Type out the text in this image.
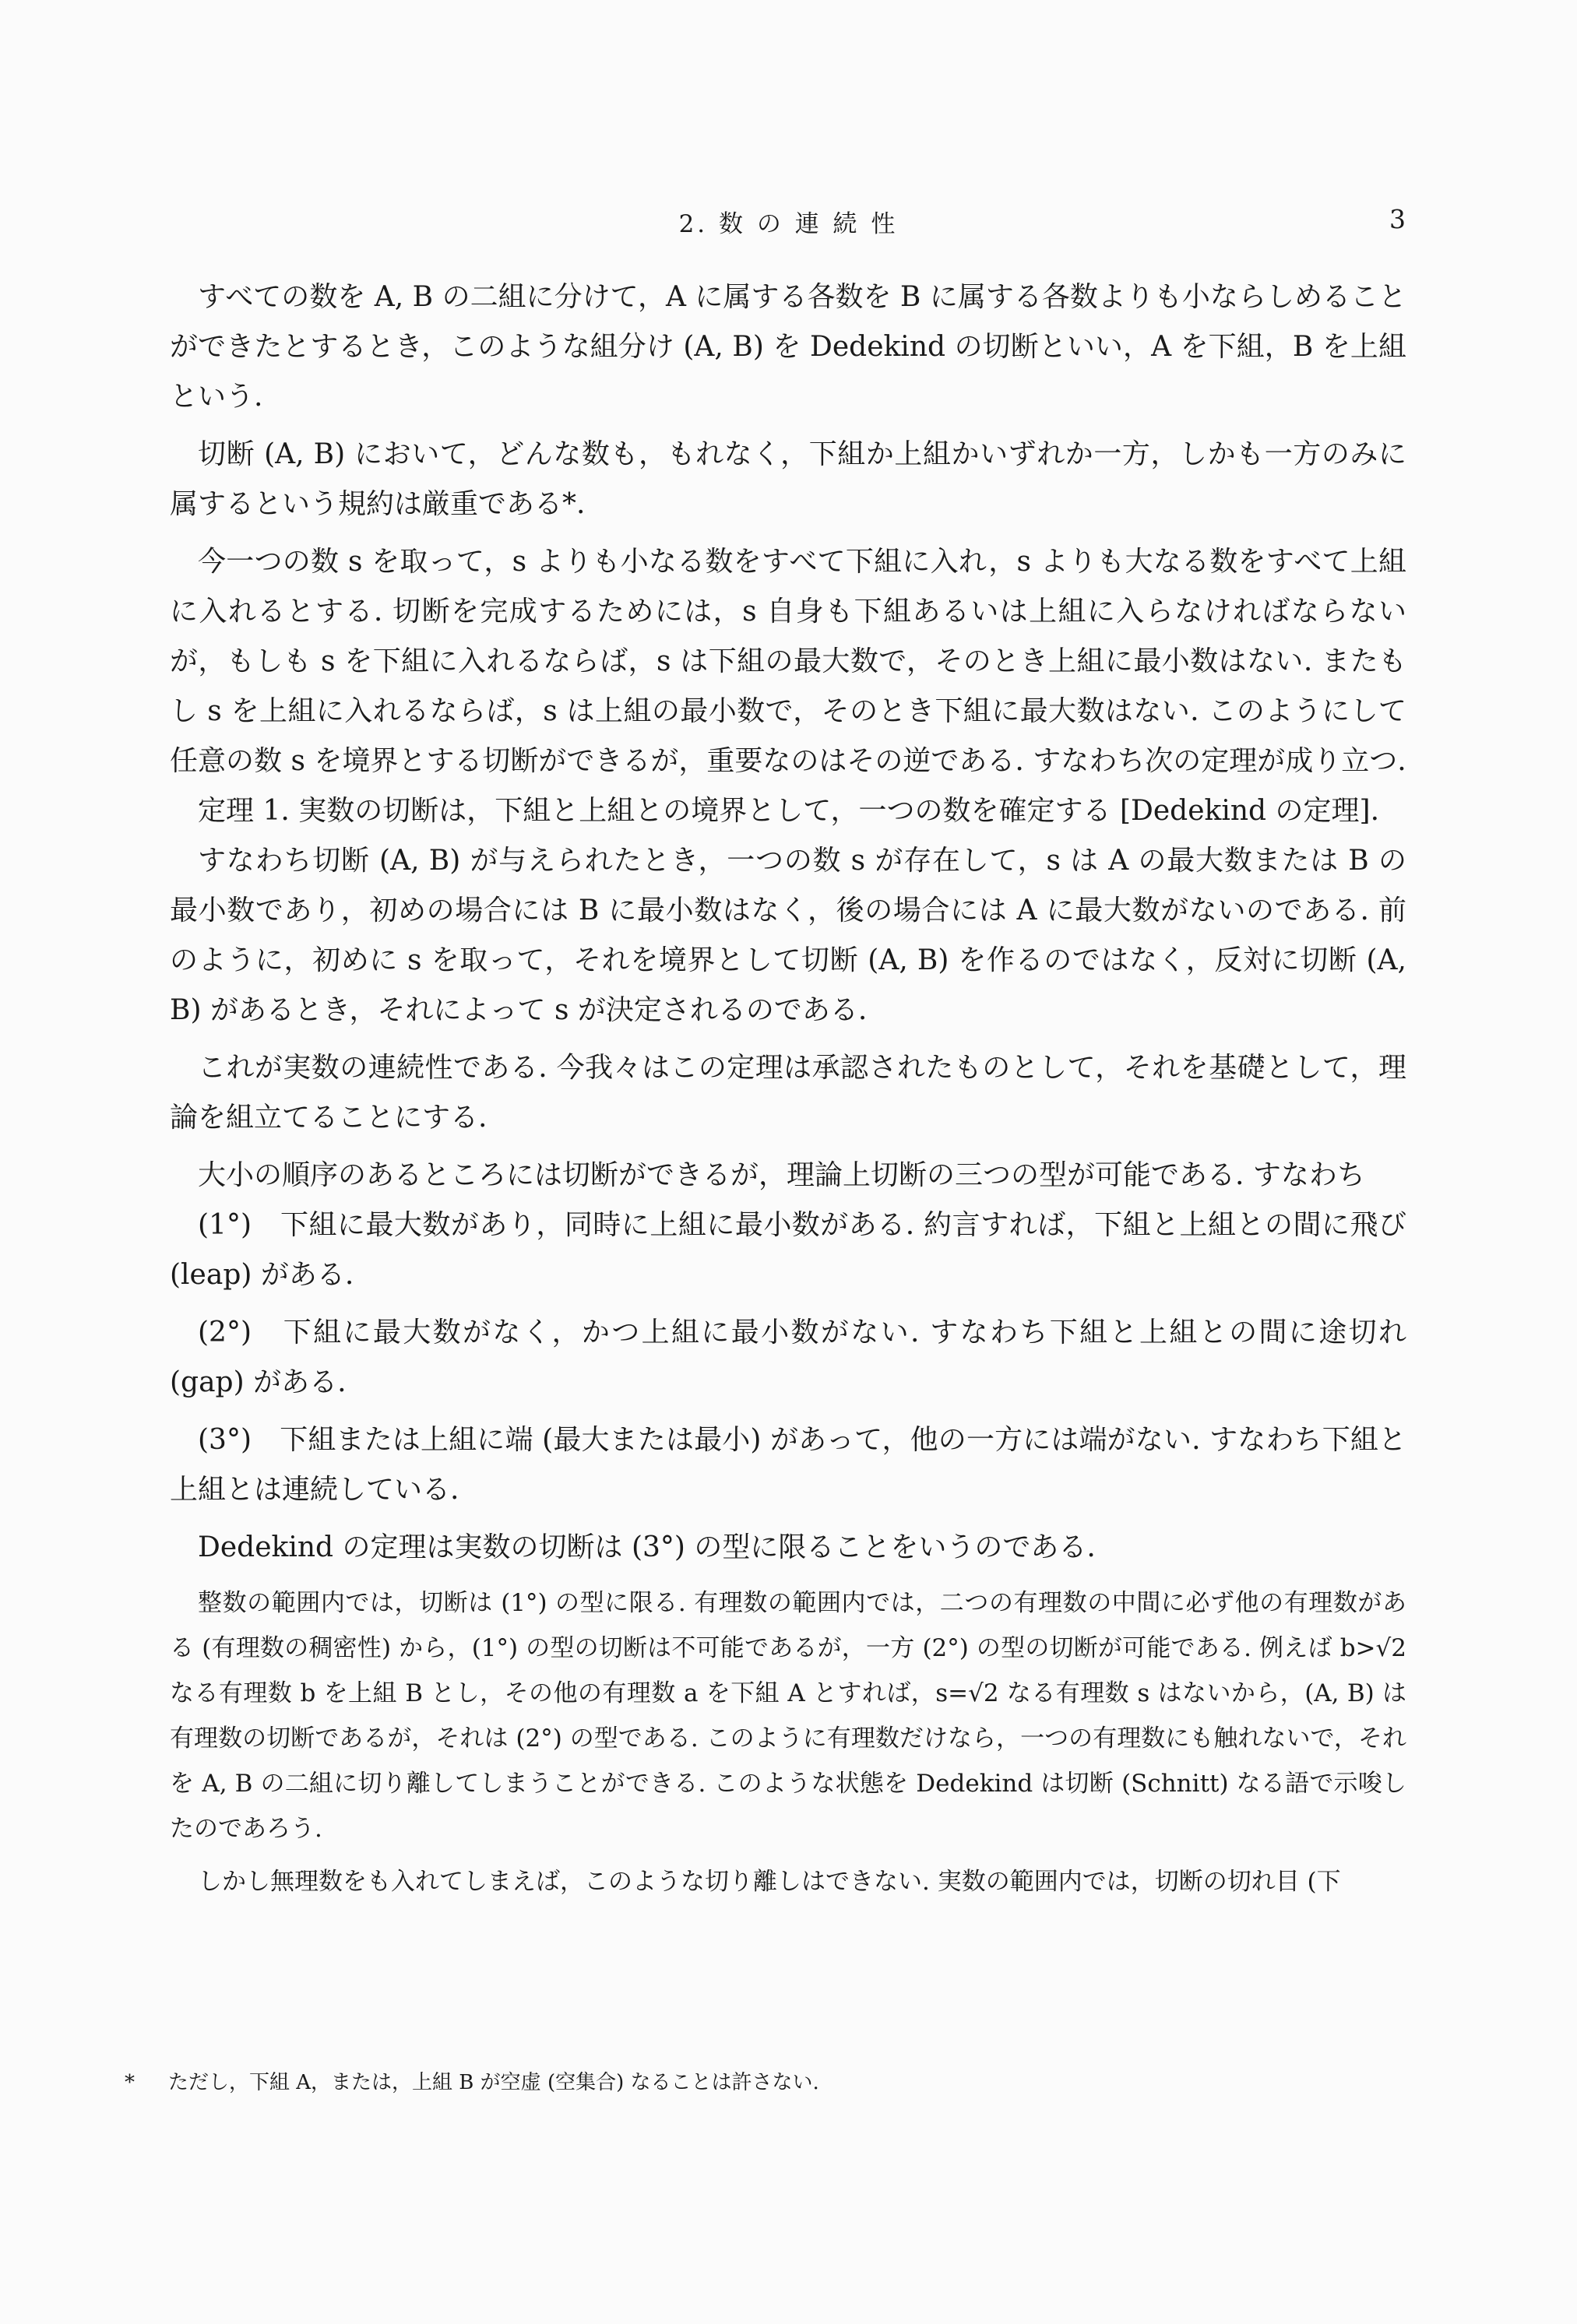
2. 数 の 連 続 性	3

すべての数を A, B の二組に分けて，A に属する各数を B に属する各数よりも小ならしめることができたとするとき，このような組分け (A, B) を Dedekind の切断といい，A を下組，B を上組という.

切断 (A, B) において，どんな数も，もれなく，下組か上組かいずれか一方，しかも一方のみに属するという規約は厳重である*.

今一つの数 s を取って，s よりも小なる数をすべて下組に入れ，s よりも大なる数をすべて上組に入れるとする. 切断を完成するためには，s 自身も下組あるいは上組に入らなければならないが，もしも s を下組に入れるならば，s は下組の最大数で，そのとき上組に最小数はない. またもし s を上組に入れるならば，s は上組の最小数で，そのとき下組に最大数はない. このようにして任意の数 s を境界とする切断ができるが，重要なのはその逆である. すなわち次の定理が成り立つ.

定理 1. 実数の切断は，下組と上組との境界として，一つの数を確定する [Dedekind の定理].

すなわち切断 (A, B) が与えられたとき，一つの数 s が存在して，s は A の最大数または B の最小数であり，初めの場合には B に最小数はなく，後の場合には A に最大数がないのである. 前のように，初めに s を取って，それを境界として切断 (A, B) を作るのではなく，反対に切断 (A, B) があるとき，それによって s が決定されるのである.

これが実数の連続性である. 今我々はこの定理は承認されたものとして，それを基礎として，理論を組立てることにする.

大小の順序のあるところには切断ができるが，理論上切断の三つの型が可能である. すなわち

(1°)　下組に最大数があり，同時に上組に最小数がある. 約言すれば，下組と上組との間に飛び (leap) がある.

(2°)　下組に最大数がなく，かつ上組に最小数がない. すなわち下組と上組との間に途切れ (gap) がある.

(3°)　下組または上組に端 (最大または最小) があって，他の一方には端がない. すなわち下組と上組とは連続している.

Dedekind の定理は実数の切断は (3°) の型に限ることをいうのである.

整数の範囲内では，切断は (1°) の型に限る. 有理数の範囲内では，二つの有理数の中間に必ず他の有理数がある (有理数の稠密性) から，(1°) の型の切断は不可能であるが，一方 (2°) の型の切断が可能である. 例えば b>√2 なる有理数 b を上組 B とし，その他の有理数 a を下組 A とすれば，s=√2 なる有理数 s はないから，(A, B) は有理数の切断であるが，それは (2°) の型である. このように有理数だけなら，一つの有理数にも触れないで，それを A, B の二組に切り離してしまうことができる. このような状態を Dedekind は切断 (Schnitt) なる語で示唆したのであろう.

しかし無理数をも入れてしまえば，このような切り離しはできない. 実数の範囲内では，切断の切れ目 (下

* ただし，下組 A，または，上組 B が空虚 (空集合) なることは許さない.
